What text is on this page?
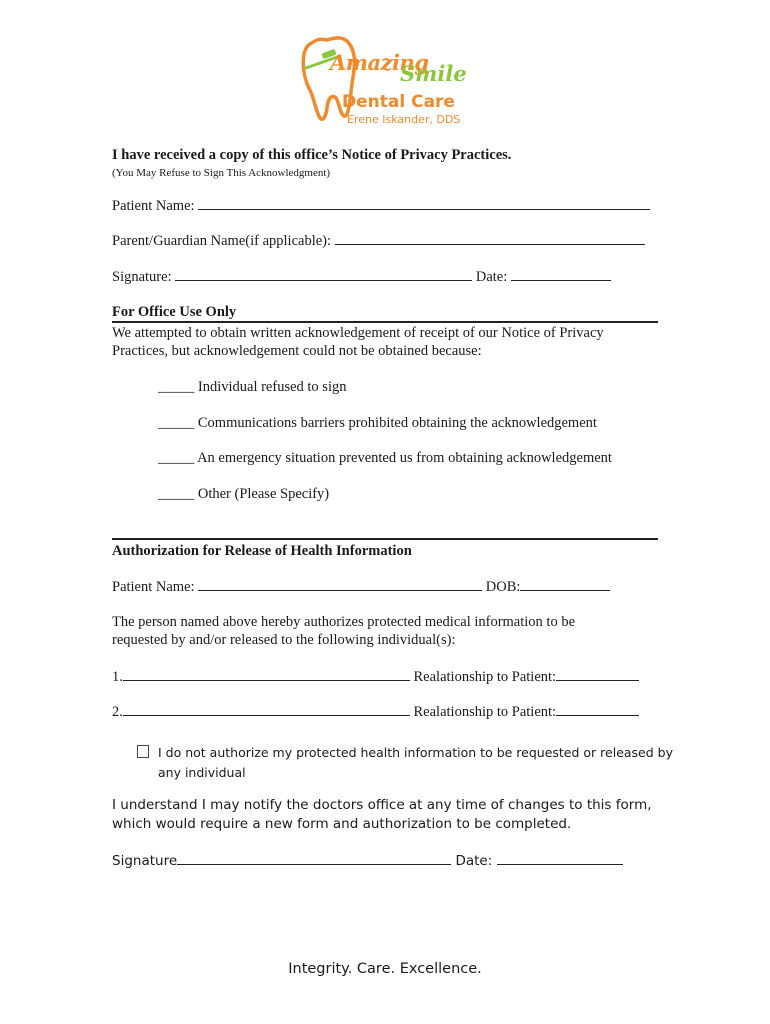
Amazing
Smile
Dental Care
Erene Iskander, DDS
I have received a copy of this office’s Notice of Privacy Practices.
(You May Refuse to Sign This Acknowledgment)
Patient Name:
Parent/Guardian Name(if applicable):
Signature:	Date:
For Office Use Only
We attempted to obtain written acknowledgement of receipt of our Notice of Privacy
Practices, but acknowledgement could not be obtained because:
_____ Individual refused to sign
_____ Communications barriers prohibited obtaining the acknowledgement
_____ An emergency situation prevented us from obtaining acknowledgement
_____ Other (Please Specify)
Authorization for Release of Health Information
Patient Name:	DOB:
The person named above hereby authorizes protected medical information to be
requested by and/or released to the following individual(s):
1.	Realationship to Patient:
2.	Realationship to Patient:
I do not authorize my protected health information to be requested or released by
any individual
I understand I may notify the doctors office at any time of changes to this form,
which would require a new form and authorization to be completed.
Signature	Date:
Integrity. Care. Excellence.
